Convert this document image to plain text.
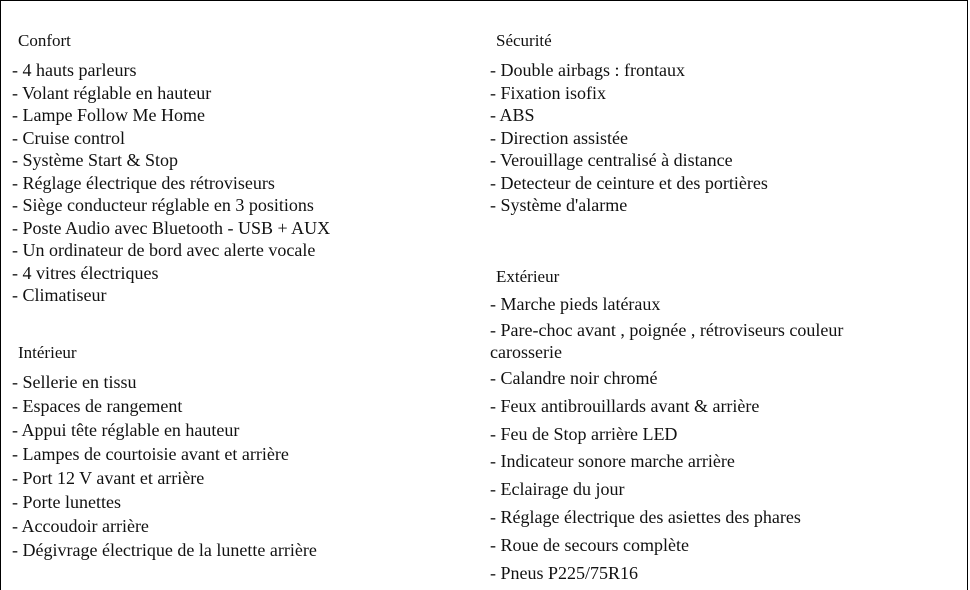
Confort

- 4 hauts parleurs
- Volant réglable en hauteur
- Lampe Follow Me Home
- Cruise control
- Système Start & Stop
- Réglage électrique des rétroviseurs
- Siège conducteur réglable en 3 positions
- Poste Audio avec Bluetooth - USB + AUX
- Un ordinateur de bord avec alerte vocale
- 4 vitres électriques
- Climatiseur

Intérieur

- Sellerie en tissu
- Espaces de rangement
- Appui tête réglable en hauteur
- Lampes de courtoisie avant et arrière
- Port 12 V avant et arrière
- Porte lunettes
- Accoudoir arrière
- Dégivrage électrique de la lunette arrière

Sécurité

- Double airbags : frontaux
- Fixation isofix
- ABS
- Direction assistée
- Verouillage centralisé à distance
- Detecteur de ceinture et des portières
- Système d'alarme

Extérieur

- Marche pieds latéraux
- Pare-choc avant , poignée , rétroviseurs couleur carosserie
- Calandre noir chromé
- Feux antibrouillards avant & arrière
- Feu de Stop arrière LED
- Indicateur sonore marche arrière
- Eclairage du jour
- Réglage électrique des asiettes des phares
- Roue de secours complète
- Pneus P225/75R16
